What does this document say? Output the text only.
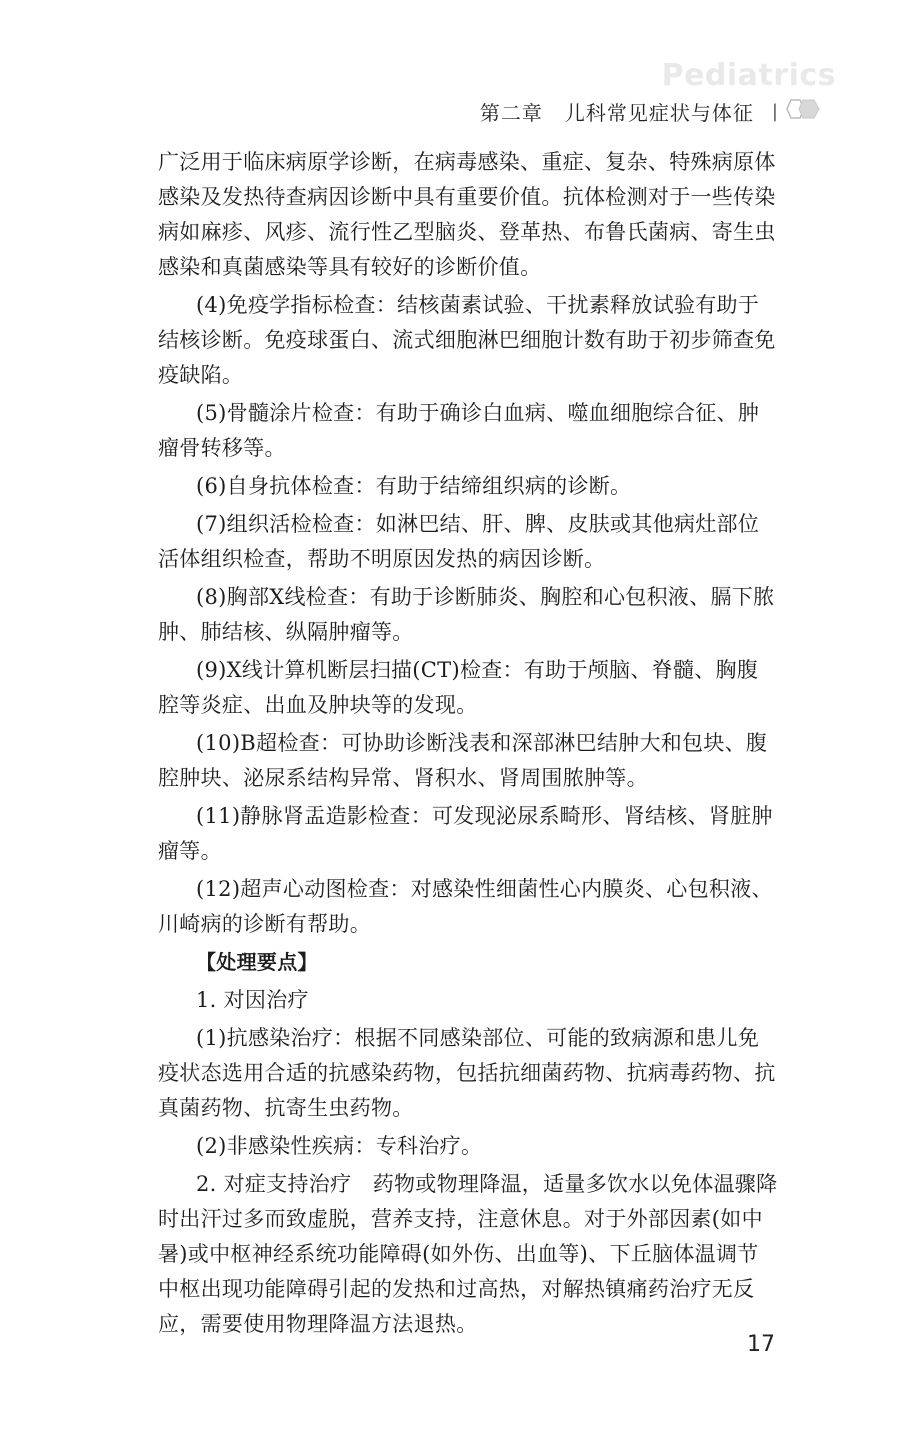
Pediatrics
第二章 儿科常见症状与体征 |

广泛用于临床病原学诊断，在病毒感染、重症、复杂、特殊病原体感染及发热待查病因诊断中具有重要价值。抗体检测对于一些传染病如麻疹、风疹、流行性乙型脑炎、登革热、布鲁氏菌病、寄生虫感染和真菌感染等具有较好的诊断价值。

(4)免疫学指标检查：结核菌素试验、干扰素释放试验有助于结核诊断。免疫球蛋白、流式细胞淋巴细胞计数有助于初步筛查免疫缺陷。

(5)骨髓涂片检查：有助于确诊白血病、噬血细胞综合征、肿瘤骨转移等。

(6)自身抗体检查：有助于结缔组织病的诊断。

(7)组织活检检查：如淋巴结、肝、脾、皮肤或其他病灶部位活体组织检查，帮助不明原因发热的病因诊断。

(8)胸部X线检查：有助于诊断肺炎、胸腔和心包积液、膈下脓肿、肺结核、纵隔肿瘤等。

(9)X线计算机断层扫描(CT)检查：有助于颅脑、脊髓、胸腹腔等炎症、出血及肿块等的发现。

(10)B超检查：可协助诊断浅表和深部淋巴结肿大和包块、腹腔肿块、泌尿系结构异常、肾积水、肾周围脓肿等。

(11)静脉肾盂造影检查：可发现泌尿系畸形、肾结核、肾脏肿瘤等。

(12)超声心动图检查：对感染性细菌性心内膜炎、心包积液、川崎病的诊断有帮助。

【处理要点】

1. 对因治疗

(1)抗感染治疗：根据不同感染部位、可能的致病源和患儿免疫状态选用合适的抗感染药物，包括抗细菌药物、抗病毒药物、抗真菌药物、抗寄生虫药物。

(2)非感染性疾病：专科治疗。

2. 对症支持治疗　药物或物理降温，适量多饮水以免体温骤降时出汗过多而致虚脱，营养支持，注意休息。对于外部因素(如中暑)或中枢神经系统功能障碍(如外伤、出血等)、下丘脑体温调节中枢出现功能障碍引起的发热和过高热，对解热镇痛药治疗无反应，需要使用物理降温方法退热。

17
